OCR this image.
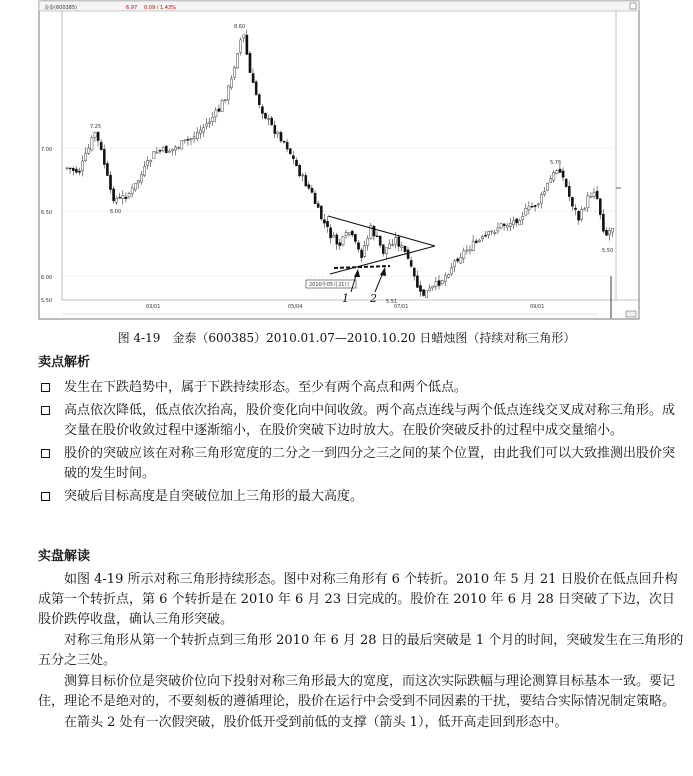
金泰(600385)	6.97 0.09 / 1.43%
7.00
6.50
6.00
5.50
8.60
7.25
6.00
5.76
5.50
5.51
03/01	05/04	07/01	09/01
2010年05月21日
1 2
图 4-19　金泰（600385）2010.01.07—2010.10.20 日蜡烛图（持续对称三角形）
卖点解析
发生在下跌趋势中，属于下跌持续形态。至少有两个高点和两个低点。
高点依次降低，低点依次抬高，股价变化向中间收敛。两个高点连线与两个低点连线交叉成对称三角形。成交量在股价收敛过程中逐渐缩小，在股价突破下边时放大。在股价突破反扑的过程中成交量缩小。
股价的突破应该在对称三角形宽度的二分之一到四分之三之间的某个位置，由此我们可以大致推测出股价突破的发生时间。
突破后目标高度是自突破位加上三角形的最大高度。
实盘解读

如图 4-19 所示对称三角形持续形态。图中对称三角形有 6 个转折。2010 年 5 月 21 日股价在低点回升构成第一个转折点，第 6 个转折是在 2010 年 6 月 23 日完成的。股价在 2010 年 6 月 28 日突破了下边，次日股价跌停收盘，确认三角形突破。

对称三角形从第一个转折点到三角形 2010 年 6 月 28 日的最后突破是 1 个月的时间，突破发生在三角形的五分之三处。

测算目标价位是突破价位向下投射对称三角形最大的宽度，而这次实际跌幅与理论测算目标基本一致。要记住，理论不是绝对的，不要刻板的遵循理论，股价在运行中会受到不同因素的干扰，要结合实际情况制定策略。

在箭头 2 处有一次假突破，股价低开受到前低的支撑（箭头 1），低开高走回到形态中。
